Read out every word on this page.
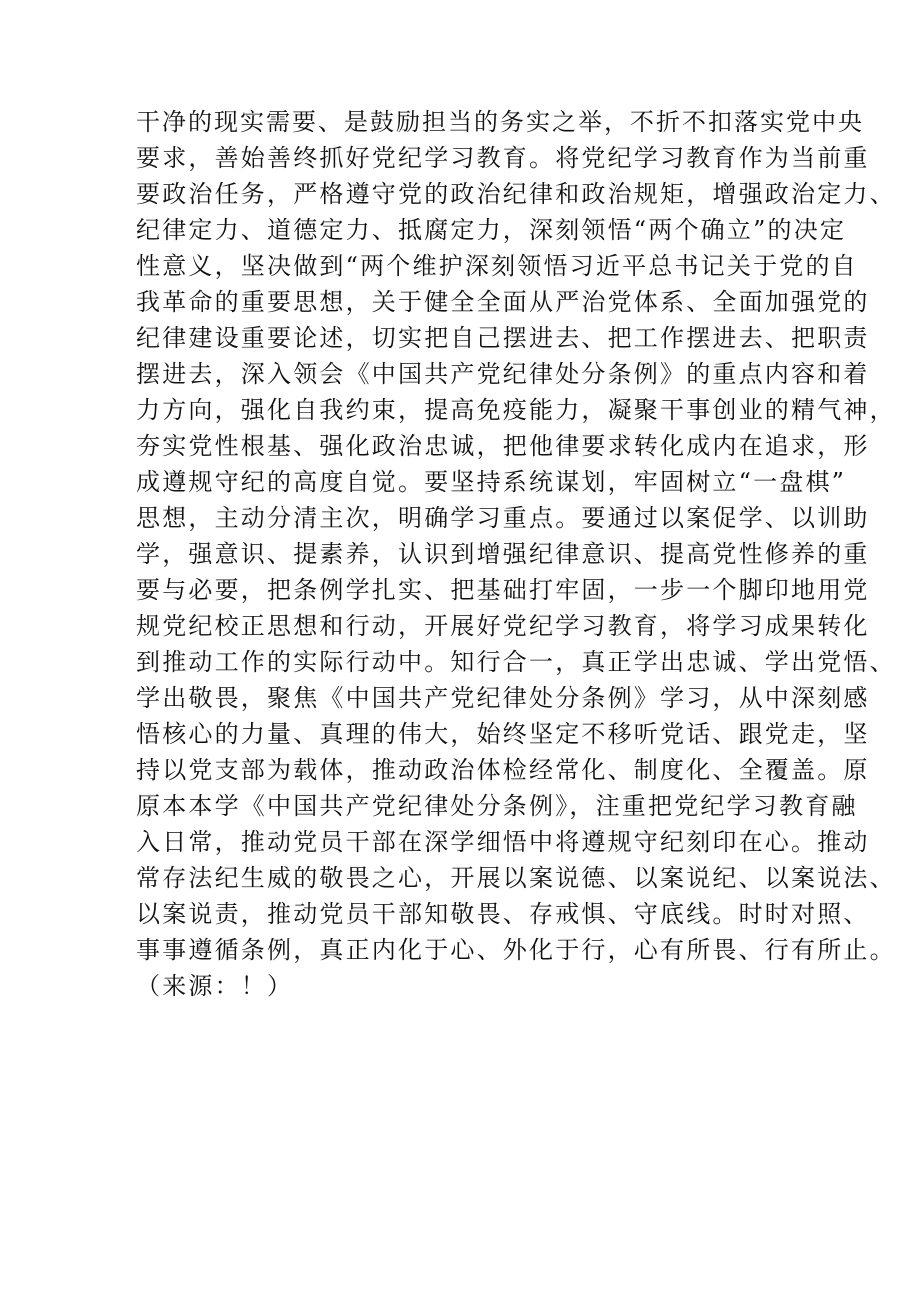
干净的现实需要、是鼓励担当的务实之举，不折不扣落实党中央
要求，善始善终抓好党纪学习教育。将党纪学习教育作为当前重
要政治任务，严格遵守党的政治纪律和政治规矩，增强政治定力、
纪律定力、道德定力、抵腐定力，深刻领悟“两个确立”的决定
性意义，坚决做到“两个维护深刻领悟习近平总书记关于党的自
我革命的重要思想，关于健全全面从严治党体系、全面加强党的
纪律建设重要论述，切实把自己摆进去、把工作摆进去、把职责
摆进去，深入领会《中国共产党纪律处分条例》的重点内容和着
力方向，强化自我约束，提高免疫能力，凝聚干事创业的精气神，
夯实党性根基、强化政治忠诚，把他律要求转化成内在追求，形
成遵规守纪的高度自觉。要坚持系统谋划，牢固树立“一盘棋”
思想，主动分清主次，明确学习重点。要通过以案促学、以训助
学，强意识、提素养，认识到增强纪律意识、提高党性修养的重
要与必要，把条例学扎实、把基础打牢固，一步一个脚印地用党
规党纪校正思想和行动，开展好党纪学习教育，将学习成果转化
到推动工作的实际行动中。知行合一，真正学出忠诚、学出党悟、
学出敬畏，聚焦《中国共产党纪律处分条例》学习，从中深刻感
悟核心的力量、真理的伟大，始终坚定不移听党话、跟党走，坚
持以党支部为载体，推动政治体检经常化、制度化、全覆盖。原
原本本学《中国共产党纪律处分条例》，注重把党纪学习教育融
入日常，推动党员干部在深学细悟中将遵规守纪刻印在心。推动
常存法纪生威的敬畏之心，开展以案说德、以案说纪、以案说法、
以案说责，推动党员干部知敬畏、存戒惧、守底线。时时对照、
事事遵循条例，真正内化于心、外化于行，心有所畏、行有所止。
（来源：！）
